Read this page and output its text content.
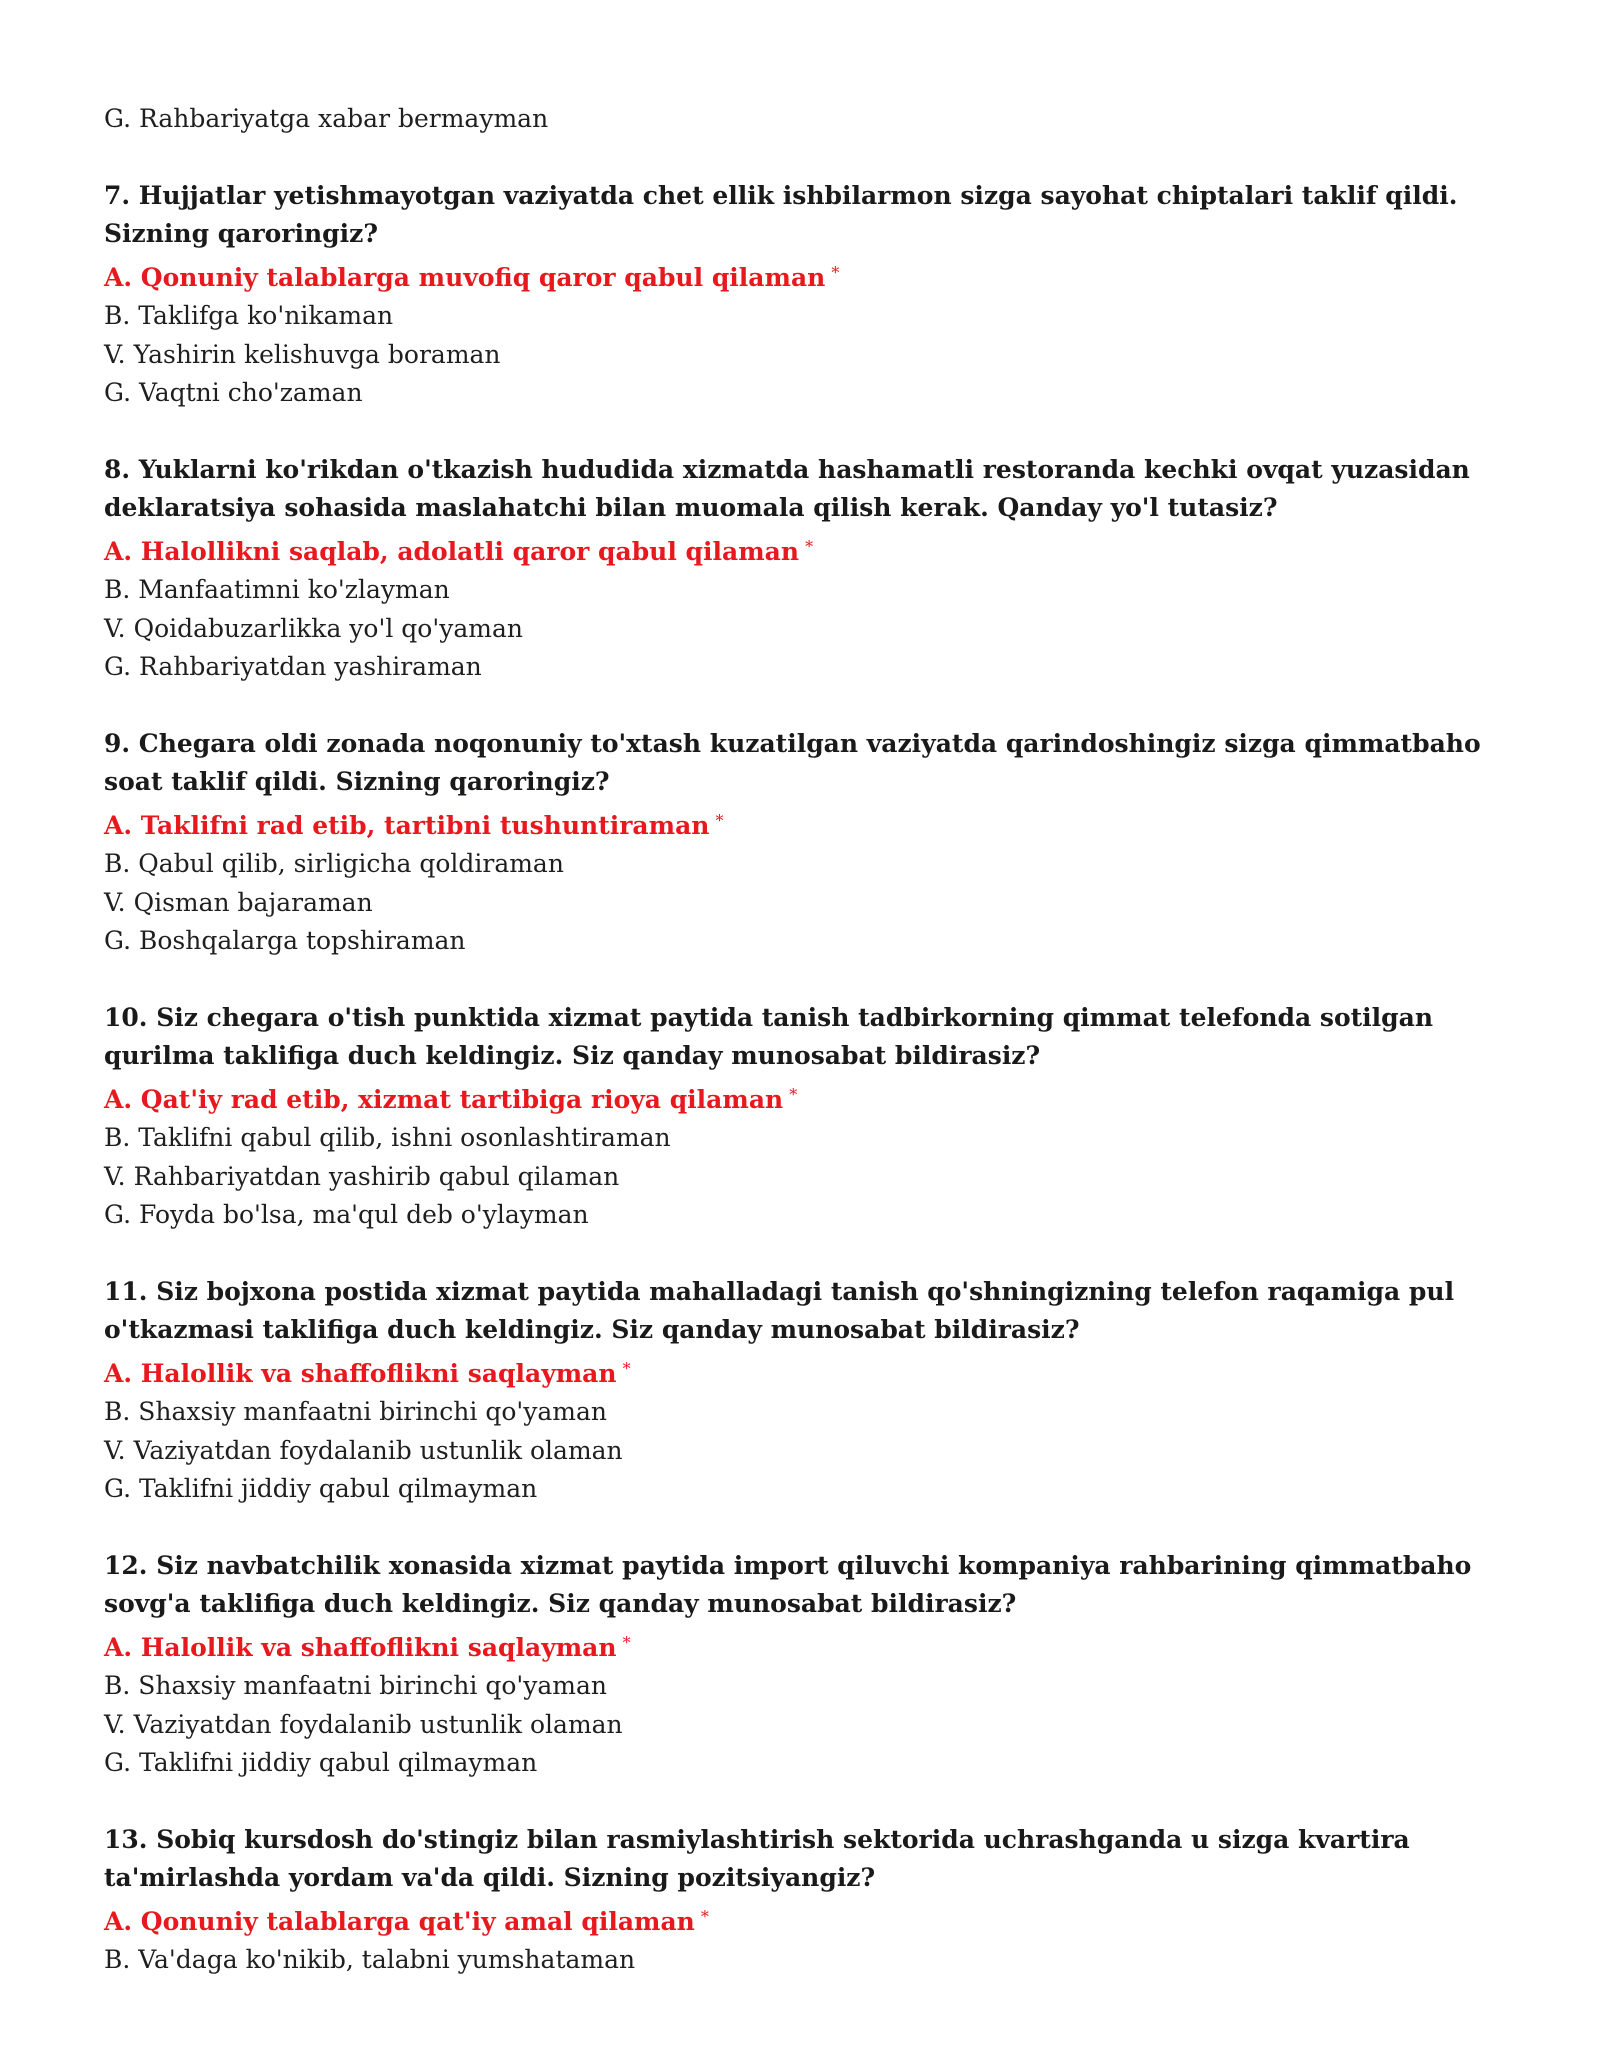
G. Rahbariyatga xabar bermayman

7. Hujjatlar yetishmayotgan vaziyatda chet ellik ishbilarmon sizga sayohat chiptalari taklif qildi. Sizning qaroringiz?

A. Qonuniy talablarga muvofiq qaror qabul qilaman *

B. Taklifga ko'nikaman

V. Yashirin kelishuvga boraman

G. Vaqtni cho'zaman

8. Yuklarni ko'rikdan o'tkazish hududida xizmatda hashamatli restoranda kechki ovqat yuzasidan deklaratsiya sohasida maslahatchi bilan muomala qilish kerak. Qanday yo'l tutasiz?

A. Halollikni saqlab, adolatli qaror qabul qilaman *

B. Manfaatimni ko'zlayman

V. Qoidabuzarlikka yo'l qo'yaman

G. Rahbariyatdan yashiraman

9. Chegara oldi zonada noqonuniy to'xtash kuzatilgan vaziyatda qarindoshingiz sizga qimmatbaho soat taklif qildi. Sizning qaroringiz?

A. Taklifni rad etib, tartibni tushuntiraman *

B. Qabul qilib, sirligicha qoldiraman

V. Qisman bajaraman

G. Boshqalarga topshiraman

10. Siz chegara o'tish punktida xizmat paytida tanish tadbirkorning qimmat telefonda sotilgan qurilma taklifiga duch keldingiz. Siz qanday munosabat bildirasiz?

A. Qat'iy rad etib, xizmat tartibiga rioya qilaman *

B. Taklifni qabul qilib, ishni osonlashtiraman

V. Rahbariyatdan yashirib qabul qilaman

G. Foyda bo'lsa, ma'qul deb o'ylayman

11. Siz bojxona postida xizmat paytida mahalladagi tanish qo'shningizning telefon raqamiga pul o'tkazmasi taklifiga duch keldingiz. Siz qanday munosabat bildirasiz?

A. Halollik va shaffoflikni saqlayman *

B. Shaxsiy manfaatni birinchi qo'yaman

V. Vaziyatdan foydalanib ustunlik olaman

G. Taklifni jiddiy qabul qilmayman

12. Siz navbatchilik xonasida xizmat paytida import qiluvchi kompaniya rahbarining qimmatbaho sovg'a taklifiga duch keldingiz. Siz qanday munosabat bildirasiz?

A. Halollik va shaffoflikni saqlayman *

B. Shaxsiy manfaatni birinchi qo'yaman

V. Vaziyatdan foydalanib ustunlik olaman

G. Taklifni jiddiy qabul qilmayman

13. Sobiq kursdosh do'stingiz bilan rasmiylashtirish sektorida uchrashganda u sizga kvartira ta'mirlashda yordam va'da qildi. Sizning pozitsiyangiz?

A. Qonuniy talablarga qat'iy amal qilaman *

B. Va'daga ko'nikib, talabni yumshataman
